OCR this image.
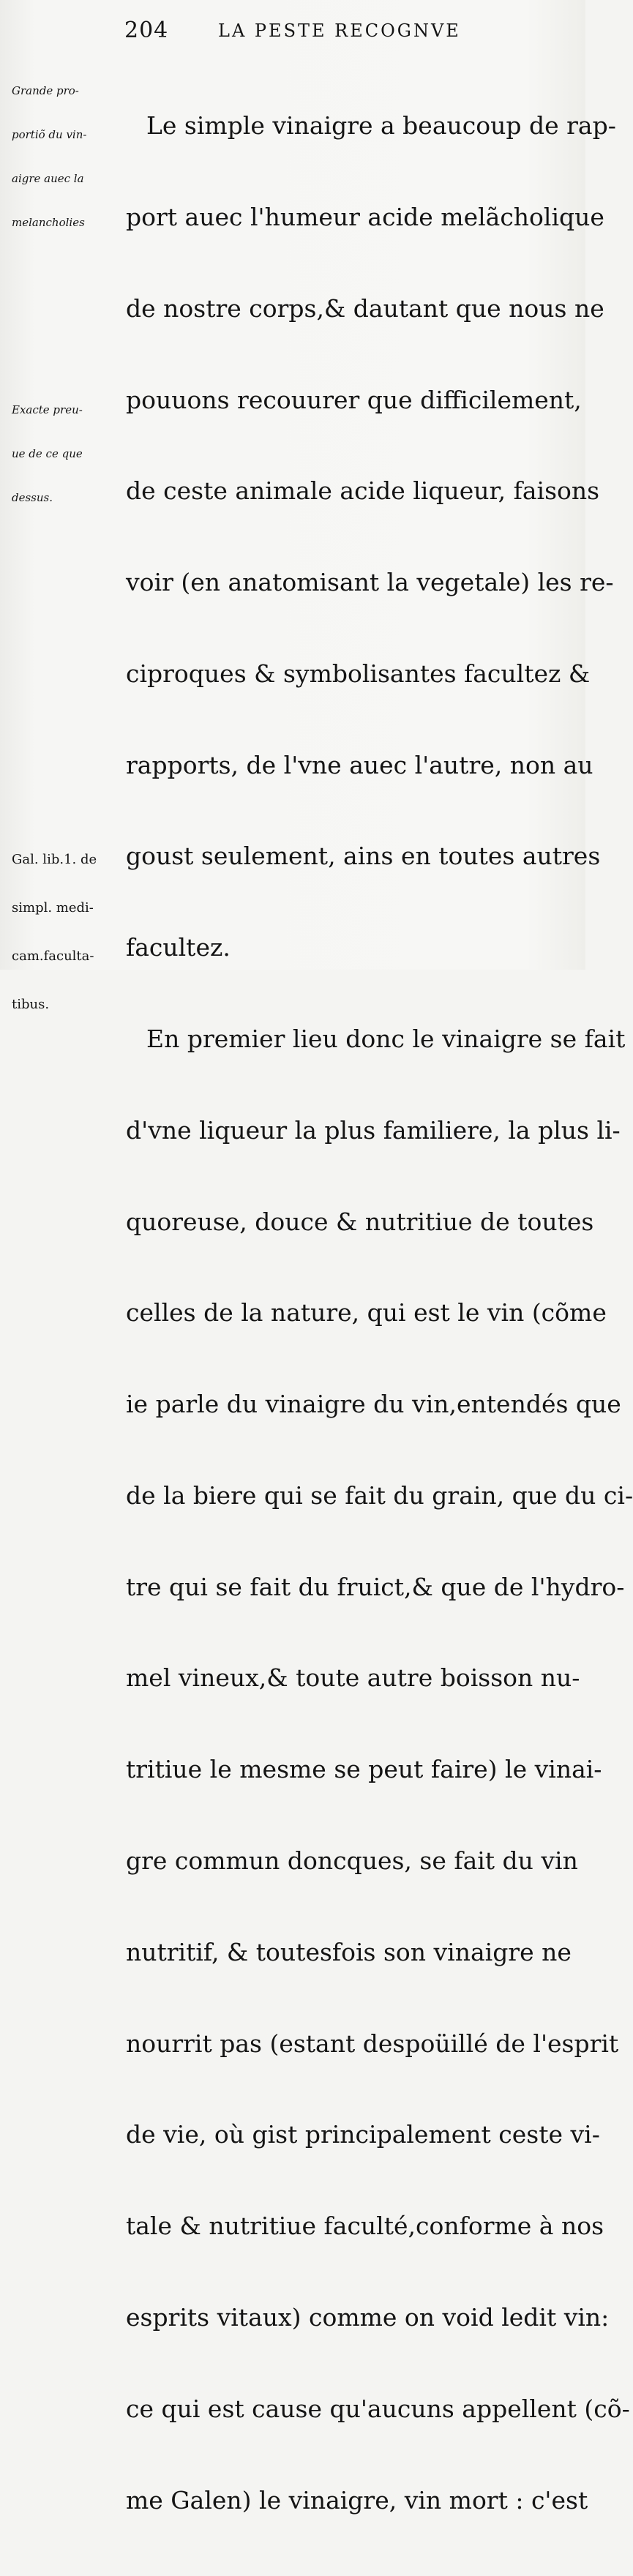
204	LA PESTE RECOGNVE

Grande pro-

portiõ du vin-

aigre auec la

melancholies

Exacte preu-

ue de ce que

dessus.

Gal. lib.1. de

simpl. medi-

cam.faculta-

tibus.

Le simple vinaigre a beaucoup de rap-

port auec l'humeur acide melãcholique

de nostre corps,& dautant que nous ne

pouuons recouurer que difficilement,

de ceste animale acide liqueur, faisons

voir (en anatomisant la vegetale) les re-

ciproques & symbolisantes facultez &

rapports, de l'vne auec l'autre, non au

goust seulement, ains en toutes autres

facultez.

En premier lieu donc le vinaigre se fait

d'vne liqueur la plus familiere, la plus li-

quoreuse, douce & nutritiue de toutes

celles de la nature, qui est le vin (cõme

ie parle du vinaigre du vin,entendés que

de la biere qui se fait du grain, que du ci-

tre qui se fait du fruict,& que de l'hydro-

mel vineux,& toute autre boisson nu-

tritiue le mesme se peut faire) le vinai-

gre commun doncques, se fait du vin

nutritif, & toutesfois son vinaigre ne

nourrit pas (estant despoüillé de l'esprit

de vie, où gist principalement ceste vi-

tale & nutritiue faculté,conforme à nos

esprits vitaux) comme on void ledit vin:

ce qui est cause qu'aucuns appellent (cõ-

me Galen) le vinaigre, vin mort : c'est
